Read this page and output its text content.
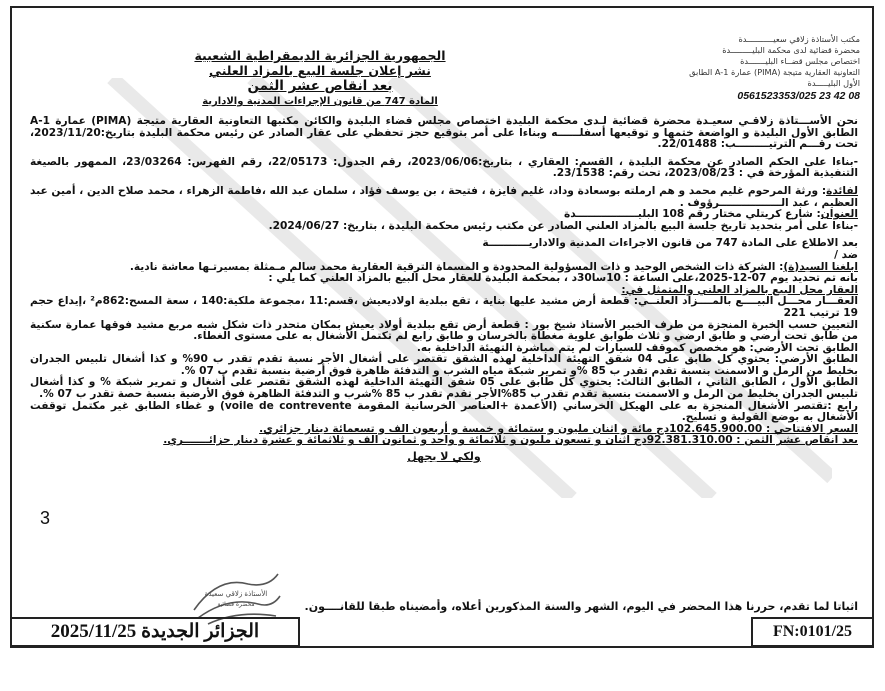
مكتب الأستاذة زلاقي سعيـــــــــــدة
محضرة قضائية لدى محكمة البليـــــــــدة
اختصاص مجلس قضــاء البليـــــــدة
التعاونية العقارية متيجة (PIMA) عمارة A-1 الطابق
الأول البليـــــدة
0561523353/025 23 42 08
الجمهورية الجزائرية الديمقراطية الشعبية
نشر إعلان جلسة البيع بالمزاد العلني
بعد انقاص عشر الثمن
المادة 747 من قانون الإجراءات المدنية والادارية

نحن الأســـتاذة زلاقـي سعيـدة محضرة قضائية لـدى محكمة البليدة اختصاص مجلس قضاء البليدة والكائن مكتبها التعاونية العقارية متيجة (PIMA) عمارة A-1 الطابق الأول البليدة و الواضعة ختمها و توقيعها أسفلــــــه وبناءا على أمر بتوقيع حجز تحفظي على عقار الصادر عن رئيس محكمة البليدة بتاريخ:2023/11/20، تحت رقـــم الترتيـــــــــب: 22/01488.

-بناءا على الحكم الصادر عن محكمة البليدة ، القسم: العقاري ، بتاريخ:2023/06/06، رقم الجدول: 22/05173، رقم الفهرس: 23/03264، الممهور بالصيغة التنفيذية المؤرخة في : 2023/08/23، تحت رقم: 23/1538.

لفائدة: ورثة المرحوم غليم محمد و هم ارملته بوسعادة وداد، غليم فايزة ، فتيحة ، بن يوسف فؤاد ، سلمان عبد الله ،فاطمة الزهراء ، محمد صلاح الدين ، أمين عبد العظيم ، عبد الـــــــــــــــــرؤوف .

العنوان: شارع كريتلي مختار رقم 108 البليـــــــــــــــــدة

-بناءا على أمر بتحديد تاريخ جلسة البيع بالمزاد العلني الصادر عن مكتب رئيس محكمة البليدة ، بتاريخ: 2024/06/27.

بعد الاطلاع على المادة 747 من قانون الاجراءات المدنية والاداريـــــــــــة

ضد /

ابلغنا السيد(ة): الشركة ذات الشخص الوحيد و ذات المسؤولية المحدودة و المسماة الترقية العقارية محمد سالم مـمثلة بمسيرتـها معاشة نادية.

بانه تم تحديد يوم 07-12-2025،على الساعة : 10سا30د ، بمحكمة البليدة للعقار محل البيع بالمزاد العلني كما يلي :

العقار محل البيع بالمزاد العلني والمتمثل في:

العقـــار محـــل البيــــع بالمــــزاد العلنــي: قطعة أرض مشيد عليها بناية ، تقع ببلدية اولاديعيش ،قسم:11 ،مجموعة ملكية:140 ، سعة المسح:862م² ،إيداع حجم 19 ترتيب 221

التعيين حسب الخبرة المنجزة من طرف الخبير الأستاذ شيخ بور : قطعة أرض تقع ببلدية أولاد يعيش بمكان متحدر ذات شكل شبه مربع مشيد فوقها عمارة سكنية من طابق تحت أرضي و طابق ارضي و ثلاث طوابق علوية مغطاة بالخرسان و طابق رابع لم تكتمل الأشغال به على مستوى الغطاء.

الطابق تحت الأرضي: هو مخصص كموقف للسيارات لم يتم مباشرة التهيئة الداخلية به.

الطابق الأرضي: يحتوي كل طابق على 04 شقق التهيئة الداخلية لهذه الشقق تقتصر على أشغال الأجر نسبة تقدم تقدر ب 90% و كذا أشغال تلبيس الجدران بخليط من الرمل و الاسمنت بنسبة تقدم تقدر ب 85 %و تمرير شبكة مياه الشرب و التدفئة ظاهرة فوق أرضية بنسبة تقدم ب 07 %.

الطابق الأول ، الطابق الثاني ، الطابق الثالث: يحتوي كل طابق على 05 شقق التهيئة الداخلية لهذه الشقق تقتصر على أشغال و تمرير شبكة % و كذا أشغال تلبيس الجدران بخليط من الرمل و الاسمنت بنسبة تقدم تقدر ب 85%الأجر تقدم تقدر ب 85 %شرب و التدفئة الظاهرة فوق الأرضية بنسبة حصة تقدر ب 07 %.

رابع :تقتصر الأشغال المنجزة به على الهيكل الخرساني (الأعمدة +العناصر الخرسانية المقومة voile de contrevente) و غطاء الطابق غير مكتمل توقفت الأشغال به بوضع القولبة و تسليح.

السعر الافتتاحي : 102.645.900.00دج مائة و اثنان مليون و ستمائة و خمسة و أربعون الف و تسعمائة دينار جزائري.

بعد انقاص عشر الثمن : 92.381.310.00دج اثنان و تسعون مليون و ثلاثمائة و واحد و ثمانون الف و ثلاثمائة و عشرة دينار جزائـــــــري.

ولكي لا يجهل
3
الأستاذة زلاقي سعيدة
محضرة قضائية	اثباتا لما تقدم، حررنا هذا المحضر في اليوم، الشهر والسنة المذكورين أعلاه، وأمضيناه طبقا للقانــــون.
الجزائر الجديدة 2025/11/25	FN:0101/25
